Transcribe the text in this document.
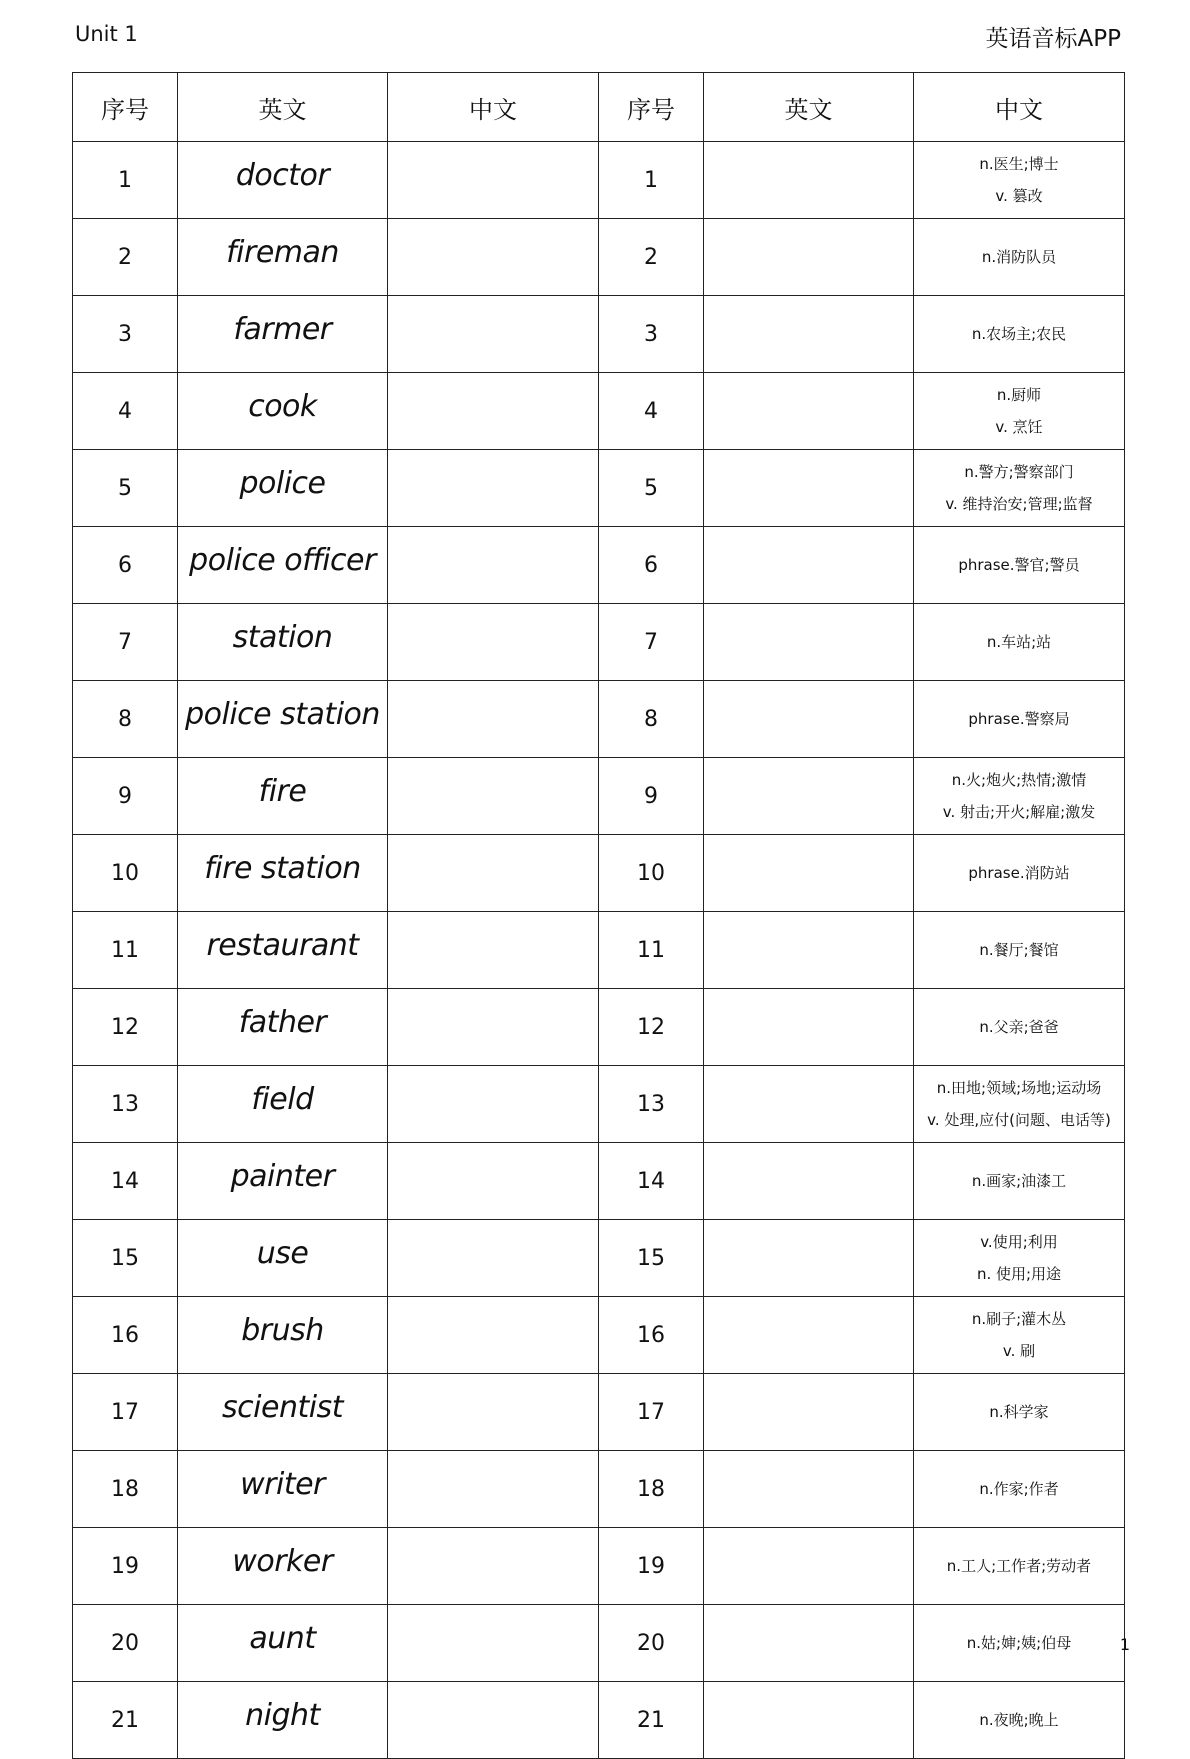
Unit 1	英语音标APP
序号	英文	中文	序号	英文	中文
1	doctor		1		n.医生;博士
v. 篡改

2	fireman		2		n.消防队员

3	farmer		3		n.农场主;农民

4	cook		4		n.厨师
v. 烹饪

5	police		5		n.警方;警察部门
v. 维持治安;管理;监督

6	police officer		6		phrase.警官;警员

7	station		7		n.车站;站

8	police station		8		phrase.警察局

9	fire		9		n.火;炮火;热情;激情
v. 射击;开火;解雇;激发

10	fire station		10		phrase.消防站

11	restaurant		11		n.餐厅;餐馆

12	father		12		n.父亲;爸爸

13	field		13		n.田地;领域;场地;运动场
v. 处理,应付(问题、电话等)

14	painter		14		n.画家;油漆工

15	use		15		v.使用;利用
n. 使用;用途

16	brush		16		n.刷子;灌木丛
v. 刷

17	scientist		17		n.科学家

18	writer		18		n.作家;作者

19	worker		19		n.工人;工作者;劳动者

20	aunt		20		n.姑;婶;姨;伯母

21	night		21		n.夜晚;晚上
1
